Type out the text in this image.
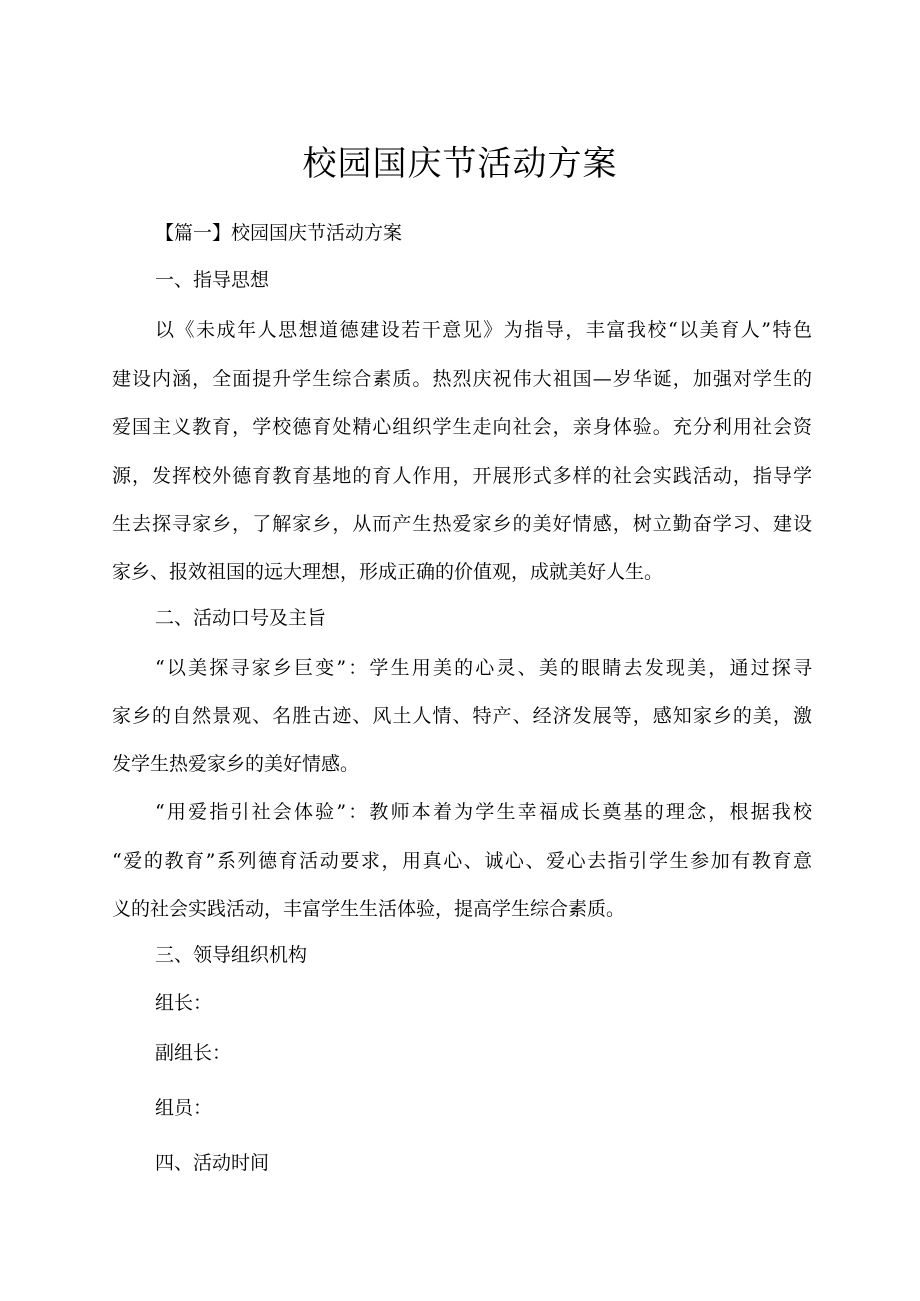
校园国庆节活动方案
【篇一】校园国庆节活动方案
一、指导思想
以《未成年人思想道德建设若干意见》为指导，丰富我校“以美育人”特色
建设内涵，全面提升学生综合素质。热烈庆祝伟大祖国—岁华诞，加强对学生的
爱国主义教育，学校德育处精心组织学生走向社会，亲身体验。充分利用社会资
源，发挥校外德育教育基地的育人作用，开展形式多样的社会实践活动，指导学
生去探寻家乡，了解家乡，从而产生热爱家乡的美好情感，树立勤奋学习、建设
家乡、报效祖国的远大理想，形成正确的价值观，成就美好人生。
二、活动口号及主旨
“以美探寻家乡巨变”：学生用美的心灵、美的眼睛去发现美，通过探寻
家乡的自然景观、名胜古迹、风土人情、特产、经济发展等，感知家乡的美，激
发学生热爱家乡的美好情感。
“用爱指引社会体验”：教师本着为学生幸福成长奠基的理念，根据我校
“爱的教育”系列德育活动要求，用真心、诚心、爱心去指引学生参加有教育意
义的社会实践活动，丰富学生生活体验，提高学生综合素质。
三、领导组织机构
组长：
副组长：
组员：
四、活动时间
